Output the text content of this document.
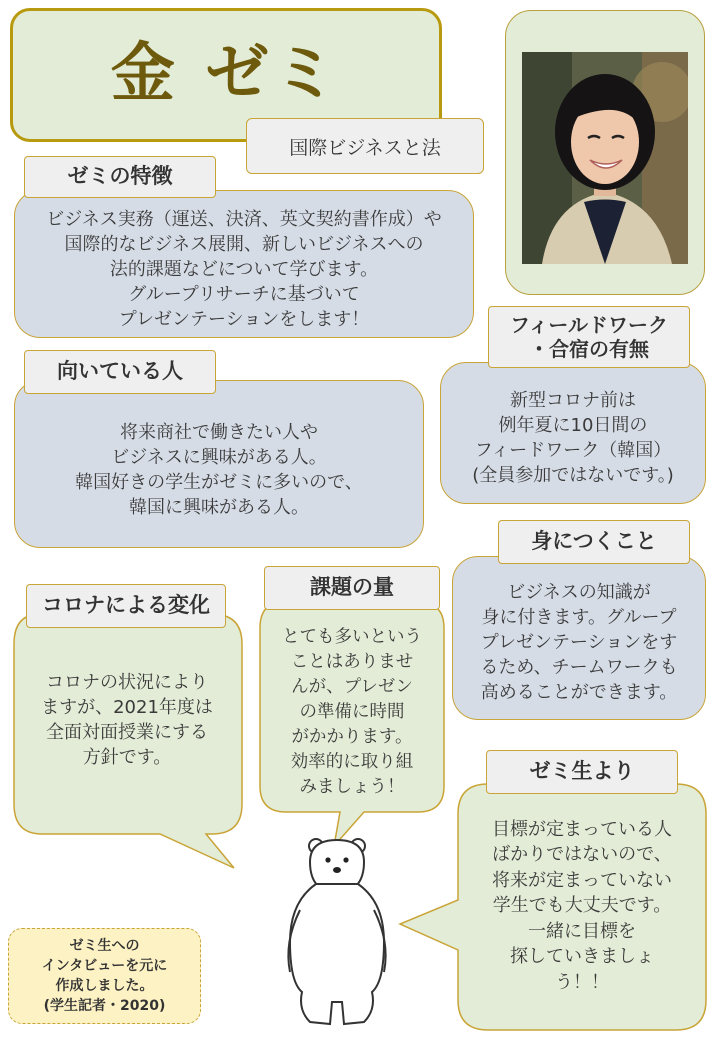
金 ゼミ
国際ビジネスと法
ビジネス実務（運送、決済、英文契約書作成）や
国際的なビジネス展開、新しいビジネスへの
法的課題などについて学びます。
グループリサーチに基づいて
プレゼンテーションをします！
ゼミの特徴
新型コロナ前は
例年夏に10日間の
フィードワーク（韓国）
(全員参加ではないです。)
フィールドワーク
・合宿の有無
将来商社で働きたい人や
ビジネスに興味がある人。
韓国好きの学生がゼミに多いので、
韓国に興味がある人。
向いている人
ビジネスの知識が
身に付きます。グループ
プレゼンテーションをす
るため、チームワークも
高めることができます。
身につくこと
コロナの状況により
ますが、2021年度は
全面対面授業にする
方針です。
コロナによる変化
とても多いという
ことはありませ
んが、プレゼン
の準備に時間
がかかります。
効率的に取り組
みましょう！
課題の量
目標が定まっている人
ばかりではないので、
将来が定まっていない
学生でも大丈夫です。
一緒に目標を
探していきましょ
う！！
ゼミ生より
ゼミ生への
インタビューを元に
作成しました。
(学生記者・2020)
